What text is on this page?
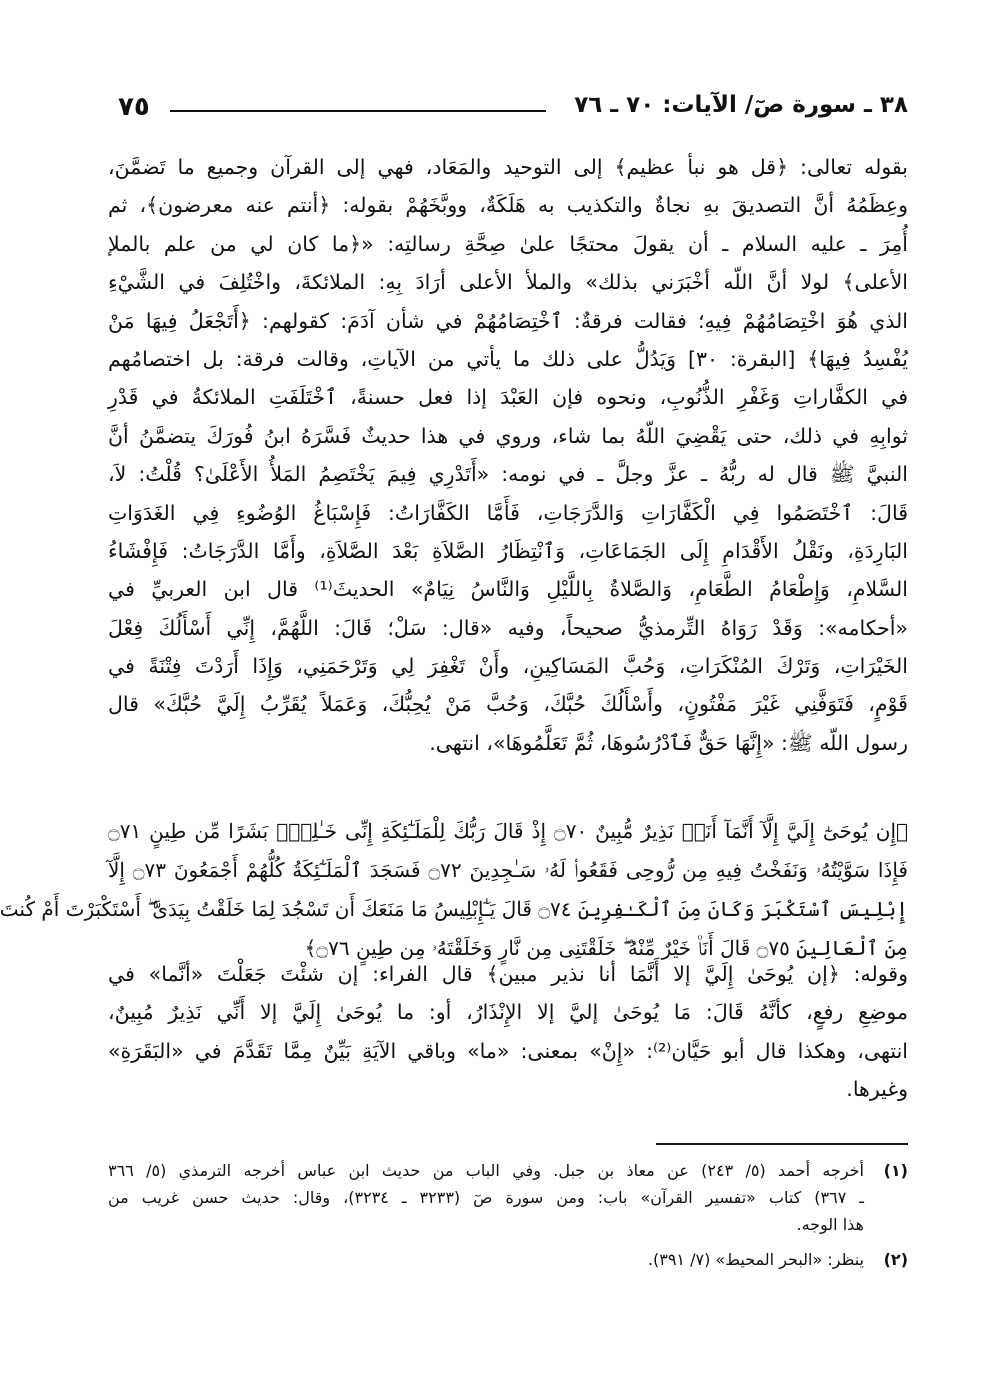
٧٥	٣٨ ـ سورة صٓ/ الآيات: ٧٠ ـ ٧٦
بقوله تعالى: ﴿قل هو نبأ عظيم﴾ إلى التوحيد والمَعَاد، فهي إلى القرآن وجميع ما تَضمَّنَ،
وعِظَمُهُ أنَّ التصديقَ بهِ نجاةٌ والتكذيب به هَلَكَةٌ، ووبَّخَهُمْ بقوله: ﴿أنتم عنه معرضون﴾، ثم
أُمِرَ ـ عليه السلام ـ أن يقولَ محتجًا علىٰ صِحَّةِ رسالتِه: «﴿ما كان لي من علم بالملإ
الأعلى﴾ لولا أنَّ اللّه أخْبَرَني بذلك» والملأ الأعلى أرَادَ بِهِ: الملائكةَ، واخْتُلِفَ في الشَّيْءِ
الذي هُوَ اخْتِصَامُهُمْ فِيهِ؛ فقالت فرقةٌ: ٱخْتِصَامُهُمْ في شأن آدَمَ: كقولهم: ﴿أَتَجْعَلُ فِيهَا مَنْ
يُفْسِدُ فِيهَا﴾ [البقرة: ٣٠] وَيَدُلُّ على ذلك ما يأتي من الآياتِ، وقالت فرقة: بل اختصامُهم
في الكفَّاراتِ وَغَفْرِ الذُّنُوبِ، ونحوه فإن العَبْدَ إذا فعل حسنةً، ٱخْتَلَفَتِ الملائكةُ في قَدْرِ
ثوابِهِ في ذلك، حتى يَقْضِيَ اللّهُ بما شاء، وروي في هذا حديثٌ فَسَّرَهُ ابنُ فُورَكَ يتضمَّنُ أنَّ
النبيَّ ﷺ قال له ربُّهُ ـ عزَّ وجلَّ ـ في نومه: «أَتَدْرِي فِيمَ يَخْتَصِمُ المَلأُ الأَعْلَىٰ؟ قُلْتُ: لاَ،
قَالَ: ٱخْتَصَمُوا فِي الْكَفَّارَاتِ وَالدَّرَجَاتِ، فَأَمَّا الكَفَّارَاتُ: فَإِسْبَاغُ الوُضُوءِ فِي الغَدَوَاتِ
البَارِدَةِ، ونَقْلُ الأَقْدَامِ إِلَى الجَمَاعَاتِ، وَٱنْتِظَارُ الصَّلاَةِ بَعْدَ الصَّلاَةِ، وأَمَّا الدَّرَجَاتُ: فَإِفْشَاءُ
السَّلامِ، وَإِطْعَامُ الطَّعَامِ، وَالصَّلاةُ بِاللَّيْلِ وَالنَّاسُ نِيَامٌ» الحديثَ⁽¹⁾ قال ابن العربيِّ في
«أحكامه»: وَقَدْ رَوَاهُ التِّرمذيُّ صحيحاً، وفيه «قال: سَلْ؛ قَالَ: اللَّهُمَّ، إِنِّي أَسْأَلُكَ فِعْلَ
الخَيْرَاتِ، وَتَرْكَ المُنْكَرَاتِ، وَحُبَّ المَسَاكِينِ، وأَنْ تَغْفِرَ لِي وَتَرْحَمَنِي، وَإِذَا أَرَدْتَ فِتْنَةً في
قَوْمٍ، فَتَوَفَّنِي غَيْرَ مَفْتُونٍ، وأَسْأَلُكَ حُبَّكَ، وَحُبَّ مَنْ يُحِبُّكَ، وَعَمَلاً يُقَرِّبُ إِلَيَّ حُبَّكَ» قال
رسول اللّه ﷺ: «إِنَّهَا حَقٌّ فَٱدْرُسُوهَا، ثُمَّ تَعَلَّمُوهَا»، انتهى.
﴿إِن يُوحَىٰٓ إِلَيَّ إِلَّآ أَنَّمَآ أَنَا۠ نَذِيرٌ مُّبِينٌ ۝٧٠ إِذْ قَالَ رَبُّكَ لِلْمَلَـٰٓئِكَةِ إِنِّى خَـٰلِقٌۢ بَشَرًا مِّن طِينٍ ۝٧١
فَإِذَا سَوَّيْتُهُۥ وَنَفَخْتُ فِيهِ مِن رُّوحِى فَقَعُوا۟ لَهُۥ سَـٰجِدِينَ ۝٧٢ فَسَجَدَ ٱلْمَلَـٰٓئِكَةُ كُلُّهُمْ أَجْمَعُونَ ۝٧٣ إِلَّآ
إِبْلِيسَ ٱسْتَكْبَرَ وَكَانَ مِنَ ٱلْكَـٰفِرِينَ ۝٧٤ قَالَ يَـٰٓإِبْلِيسُ مَا مَنَعَكَ أَن تَسْجُدَ لِمَا خَلَقْتُ بِيَدَىَّ ۖ أَسْتَكْبَرْتَ أَمْ كُنتَ
مِنَ ٱلْعَالِينَ ۝٧٥ قَالَ أَنَا۠ خَيْرٌ مِّنْهُ ۖ خَلَقْتَنِى مِن نَّارٍ وَخَلَقْتَهُۥ مِن طِينٍ ۝٧٦﴾
وقوله: ﴿إن يُوحَىٰ إِلَيَّ إلا أَنَّمَا أنا نذير مبين﴾ قال الفراء: إن شئْتَ جَعَلْتَ «أنَّما» في
موضِعِ رفعٍ، كأنَّهُ قَالَ: مَا يُوحَىٰ إليَّ إلا الإِنْذَارُ، أو: ما يُوحَىٰ إِلَيَّ إلا أَنِّي نَذِيرٌ مُبِينٌ،
انتهى، وهكذا قال أبو حَيَّان⁽²⁾: «إِنْ» بمعنى: «ما» وباقي الآيَةِ بَيِّنٌ مِمَّا تَقَدَّمَ في «البَقَرَةِ»
وغيرها.
(١)أخرجه أحمد (٥/ ٢٤٣) عن معاذ بن جبل. وفي الباب من حديث ابن عباس أخرجه الترمذي (٥/ ٣٦٦
ـ ٣٦٧) كتاب «تفسير القرآن» باب: ومن سورة صٓ (٣٢٣٣ ـ ٣٢٣٤)، وقال: حديث حسن غريب من
هذا الوجه.
(٢)ينظر: «البحر المحيط» (٧/ ٣٩١).
